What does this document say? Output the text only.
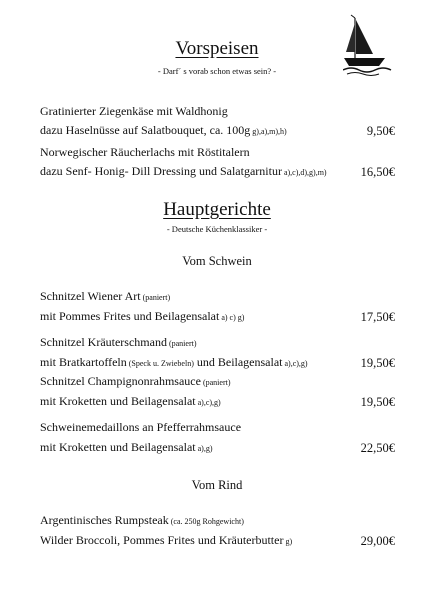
Vorspeisen
- Darf´ s vorab schon etwas sein? -
Gratinierter Ziegenkäse mit Waldhonig
dazu Haselnüsse auf Salatbouquet, ca. 100g g),a),m),h)	9,50€
Norwegischer Räucherlachs mit Röstitalern
dazu Senf- Honig- Dill Dressing und Salatgarnitur a),c),d),g),m)	16,50€
Hauptgerichte
- Deutsche Küchenklassiker -
Vom Schwein
Schnitzel Wiener Art (paniert)
mit Pommes Frites und Beilagensalat a) c) g)	17,50€
Schnitzel Kräuterschmand (paniert)
mit Bratkartoffeln (Speck u. Zwiebeln) und Beilagensalat a),c),g)	19,50€
Schnitzel Champignonrahmsauce (paniert)
mit Kroketten und Beilagensalat a),c),g)	19,50€
Schweinemedaillons an Pfefferrahmsauce
mit Kroketten und Beilagensalat a),g)	22,50€
Vom Rind
Argentinisches Rumpsteak (ca. 250g Rohgewicht)
Wilder Broccoli, Pommes Frites und Kräuterbutter g)	29,00€
